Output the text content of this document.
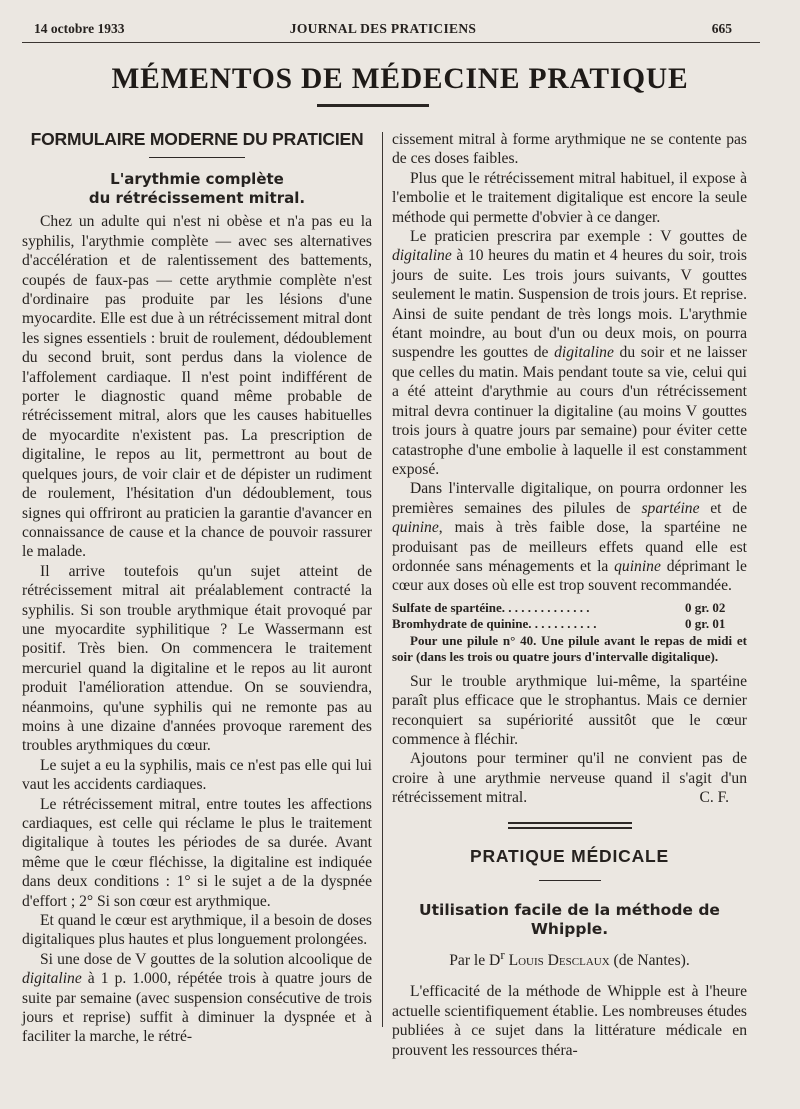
14 octobre 1933	JOURNAL DES PRATICIENS	665
MÉMENTOS DE MÉDECINE PRATIQUE
FORMULAIRE MODERNE DU PRATICIEN
L'arythmie complète
du rétrécissement mitral.

Chez un adulte qui n'est ni obèse et n'a pas eu la syphilis, l'arythmie complète — avec ses alternatives d'accélération et de ralentissement des battements, coupés de faux-pas — cette arythmie complète n'est d'ordinaire pas produite par les lésions d'une myocardite. Elle est due à un rétrécissement mitral dont les signes essentiels : bruit de roulement, dédoublement du second bruit, sont perdus dans la violence de l'affolement cardiaque. Il n'est point indifférent de porter le diagnostic quand même probable de rétrécissement mitral, alors que les causes habituelles de myocardite n'existent pas. La prescription de digitaline, le repos au lit, permettront au bout de quelques jours, de voir clair et de dépister un rudiment de roulement, l'hésitation d'un dédoublement, tous signes qui offriront au praticien la garantie d'avancer en connaissance de cause et la chance de pouvoir rassurer le malade.

Il arrive toutefois qu'un sujet atteint de rétrécissement mitral ait préalablement contracté la syphilis. Si son trouble arythmique était provoqué par une myocardite syphilitique ? Le Wassermann est positif. Très bien. On commencera le traitement mercuriel quand la digitaline et le repos au lit auront produit l'amélioration attendue. On se souviendra, néanmoins, qu'une syphilis qui ne remonte pas au moins à une dizaine d'années provoque rarement des troubles arythmiques du cœur.

Le sujet a eu la syphilis, mais ce n'est pas elle qui lui vaut les accidents cardiaques.

Le rétrécissement mitral, entre toutes les affections cardiaques, est celle qui réclame le plus le traitement digitalique à toutes les périodes de sa durée. Avant même que le cœur fléchisse, la digitaline est indiquée dans deux conditions : 1° si le sujet a de la dyspnée d'effort ; 2° Si son cœur est arythmique.

Et quand le cœur est arythmique, il a besoin de doses digitaliques plus hautes et plus longuement prolongées.

Si une dose de V gouttes de la solution alcoolique de digitaline à 1 p. 1.000, répétée trois à quatre jours de suite par semaine (avec suspension consécutive de trois jours et reprise) suffit à diminuer la dyspnée et à faciliter la marche, le rétré-

cissement mitral à forme arythmique ne se contente pas de ces doses faibles.

Plus que le rétrécissement mitral habituel, il expose à l'embolie et le traitement digitalique est encore la seule méthode qui permette d'obvier à ce danger.

Le praticien prescrira par exemple : V gouttes de digitaline à 10 heures du matin et 4 heures du soir, trois jours de suite. Les trois jours suivants, V gouttes seulement le matin. Suspension de trois jours. Et reprise. Ainsi de suite pendant de très longs mois. L'arythmie étant moindre, au bout d'un ou deux mois, on pourra suspendre les gouttes de digitaline du soir et ne laisser que celles du matin. Mais pendant toute sa vie, celui qui a été atteint d'arythmie au cours d'un rétrécissement mitral devra continuer la digitaline (au moins V gouttes trois jours à quatre jours par semaine) pour éviter cette catastrophe d'une embolie à laquelle il est constamment exposé.

Dans l'intervalle digitalique, on pourra ordonner les premières semaines des pilules de spartéine et de quinine, mais à très faible dose, la spartéine ne produisant pas de meilleurs effets quand elle est ordonnée sans ménagements et la quinine déprimant le cœur aux doses où elle est trop souvent recommandée.

Sulfate de spartéine. . . . . . . . . . . . . .	0 gr. 02
Bromhydrate de quinine. . . . . . . . . . .	0 gr. 01
Pour une pilule n° 40. Une pilule avant le repas de midi et soir (dans les trois ou quatre jours d'intervalle digitalique).

Sur le trouble arythmique lui-même, la spartéine paraît plus efficace que le strophantus. Mais ce dernier reconquiert sa supériorité aussitôt que le cœur commence à fléchir.

Ajoutons pour terminer qu'il ne convient pas de croire à une arythmie nerveuse quand il s'agit d'un rétrécissement mitral.	C. F.
PRATIQUE MÉDICALE
Utilisation facile de la méthode de Whipple.
Par le $D^r$ Louis Desclaux (de Nantes).

L'efficacité de la méthode de Whipple est à l'heure actuelle scientifiquement établie. Les nombreuses études publiées à ce sujet dans la littérature médicale en prouvent les ressources théra-
